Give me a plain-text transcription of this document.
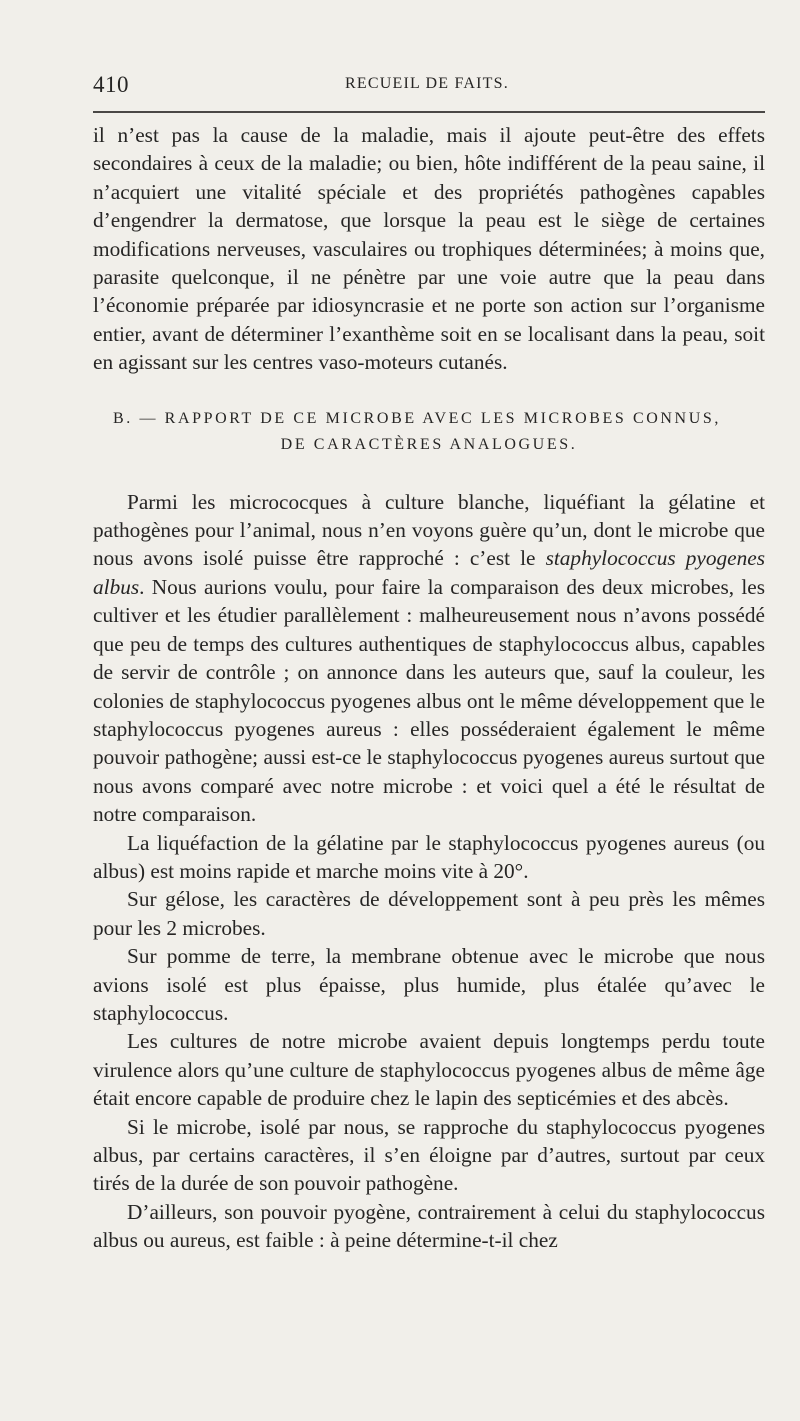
410	RECUEIL DE FAITS.

il n’est pas la cause de la maladie, mais il ajoute peut-être des effets secondaires à ceux de la maladie; ou bien, hôte indifférent de la peau saine, il n’acquiert une vitalité spéciale et des propriétés pathogènes capables d’engendrer la dermatose, que lorsque la peau est le siège de certaines modifications nerveuses, vasculaires ou trophiques déterminées; à moins que, parasite quelconque, il ne pénètre par une voie autre que la peau dans l’économie préparée par idiosyncrasie et ne porte son action sur l’organisme entier, avant de déterminer l’exanthème soit en se localisant dans la peau, soit en agissant sur les centres vaso-moteurs cutanés.

B. — RAPPORT DE CE MICROBE AVEC LES MICROBES CONNUS,
DE CARACTÈRES ANALOGUES.

Parmi les micrococques à culture blanche, liquéfiant la gélatine et pathogènes pour l’animal, nous n’en voyons guère qu’un, dont le microbe que nous avons isolé puisse être rapproché : c’est le staphylococcus pyogenes albus. Nous aurions voulu, pour faire la comparaison des deux microbes, les cultiver et les étudier parallèlement : malheureusement nous n’avons possédé que peu de temps des cultures authentiques de staphylococcus albus, capables de servir de contrôle ; on annonce dans les auteurs que, sauf la couleur, les colonies de staphylococcus pyogenes albus ont le même développement que le staphylococcus pyogenes aureus : elles posséderaient également le même pouvoir pathogène; aussi est-ce le staphylococcus pyogenes aureus surtout que nous avons comparé avec notre microbe : et voici quel a été le résultat de notre comparaison.

La liquéfaction de la gélatine par le staphylococcus pyogenes aureus (ou albus) est moins rapide et marche moins vite à 20°.

Sur gélose, les caractères de développement sont à peu près les mêmes pour les 2 microbes.

Sur pomme de terre, la membrane obtenue avec le microbe que nous avions isolé est plus épaisse, plus humide, plus étalée qu’avec le staphylococcus.

Les cultures de notre microbe avaient depuis longtemps perdu toute virulence alors qu’une culture de staphylococcus pyogenes albus de même âge était encore capable de produire chez le lapin des septicémies et des abcès.

Si le microbe, isolé par nous, se rapproche du staphylococcus pyogenes albus, par certains caractères, il s’en éloigne par d’autres, surtout par ceux tirés de la durée de son pouvoir pathogène.

D’ailleurs, son pouvoir pyogène, contrairement à celui du staphylococcus albus ou aureus, est faible : à peine détermine-t-il chez
